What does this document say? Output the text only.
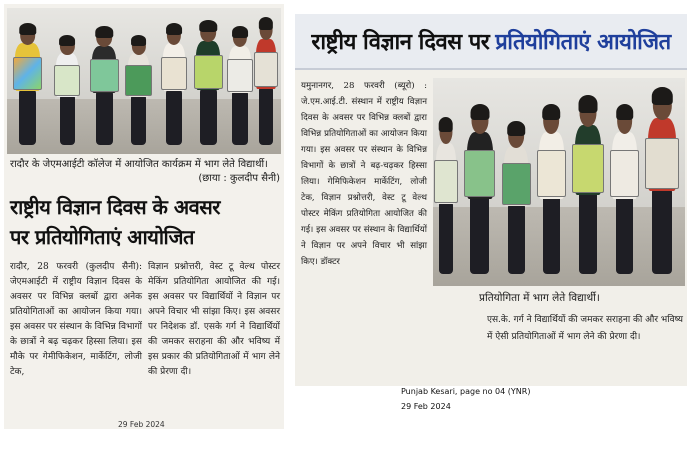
रादौर के जेएमआईटी कॉलेज में आयोजित कार्यक्रम में भाग लेते विद्यार्थी।
(छाया : कुलदीप सैनी)
राष्ट्रीय विज्ञान दिवस के अवसर
पर प्रतियोगिताएं आयोजित
रादौर, 28 फरवरी (कुलदीप सैनी): जेएमआईटी में राष्ट्रीय विज्ञान दिवस के अवसर पर विभिन्न क्लबों द्वारा अनेक प्रतियोगिताओं का आयोजन किया गया। इस अवसर पर संस्थान के विभिन्न विभागों के छात्रों ने बढ़ चढ़कर हिस्सा लिया। इस मौके पर गेमीफिकेशन, मार्केटिंग, लोजी टेक,
विज्ञान प्रश्नोत्तरी, वेस्ट टू वेल्थ पोस्टर मेकिंग प्रतियोगिता आयोजित की गई। इस अवसर पर विद्यार्थियों ने विज्ञान पर अपने विचार भी सांझा किए। इस अवसर पर निदेशक डॉ. एसके गर्ग ने विद्यार्थियों की जमकर सराहना की और भविष्य में इस प्रकार की प्रतियोगिताओं में भाग लेने की प्रेरणा दी।
29 Feb 2024
राष्ट्रीय विज्ञान दिवस पर प्रतियोगिताएं आयोजित
यमुनानगर, 28 फरवरी (ब्यूरो) : जे.एम.आई.टी. संस्थान में राष्ट्रीय विज्ञान दिवस के अवसर पर विभिन्न क्लबों द्वारा विभिन्न प्रतियोगिताओं का आयोजन किया गया। इस अवसर पर संस्थान के विभिन्न विभागों के छात्रों ने बढ़-चढ़कर हिस्सा लिया। गेमिफिकेशन मार्केटिंग, लोजी टेक, विज्ञान प्रश्नोत्तरी, वेस्ट टू वेल्थ पोस्टर मेकिंग प्रतियोगिता आयोजित की गई। इस अवसर पर संस्थान के विद्यार्थियों ने विज्ञान पर अपने विचार भी सांझा किए। डॉक्टर
प्रतियोगिता में भाग लेते विद्यार्थी।
एस.के. गर्ग ने विद्यार्थियों की जमकर सराहना की और भविष्य में ऐसी प्रतियोगिताओं में भाग लेने की प्रेरणा दी।
Punjab Kesari, page no 04 (YNR)
29 Feb 2024
